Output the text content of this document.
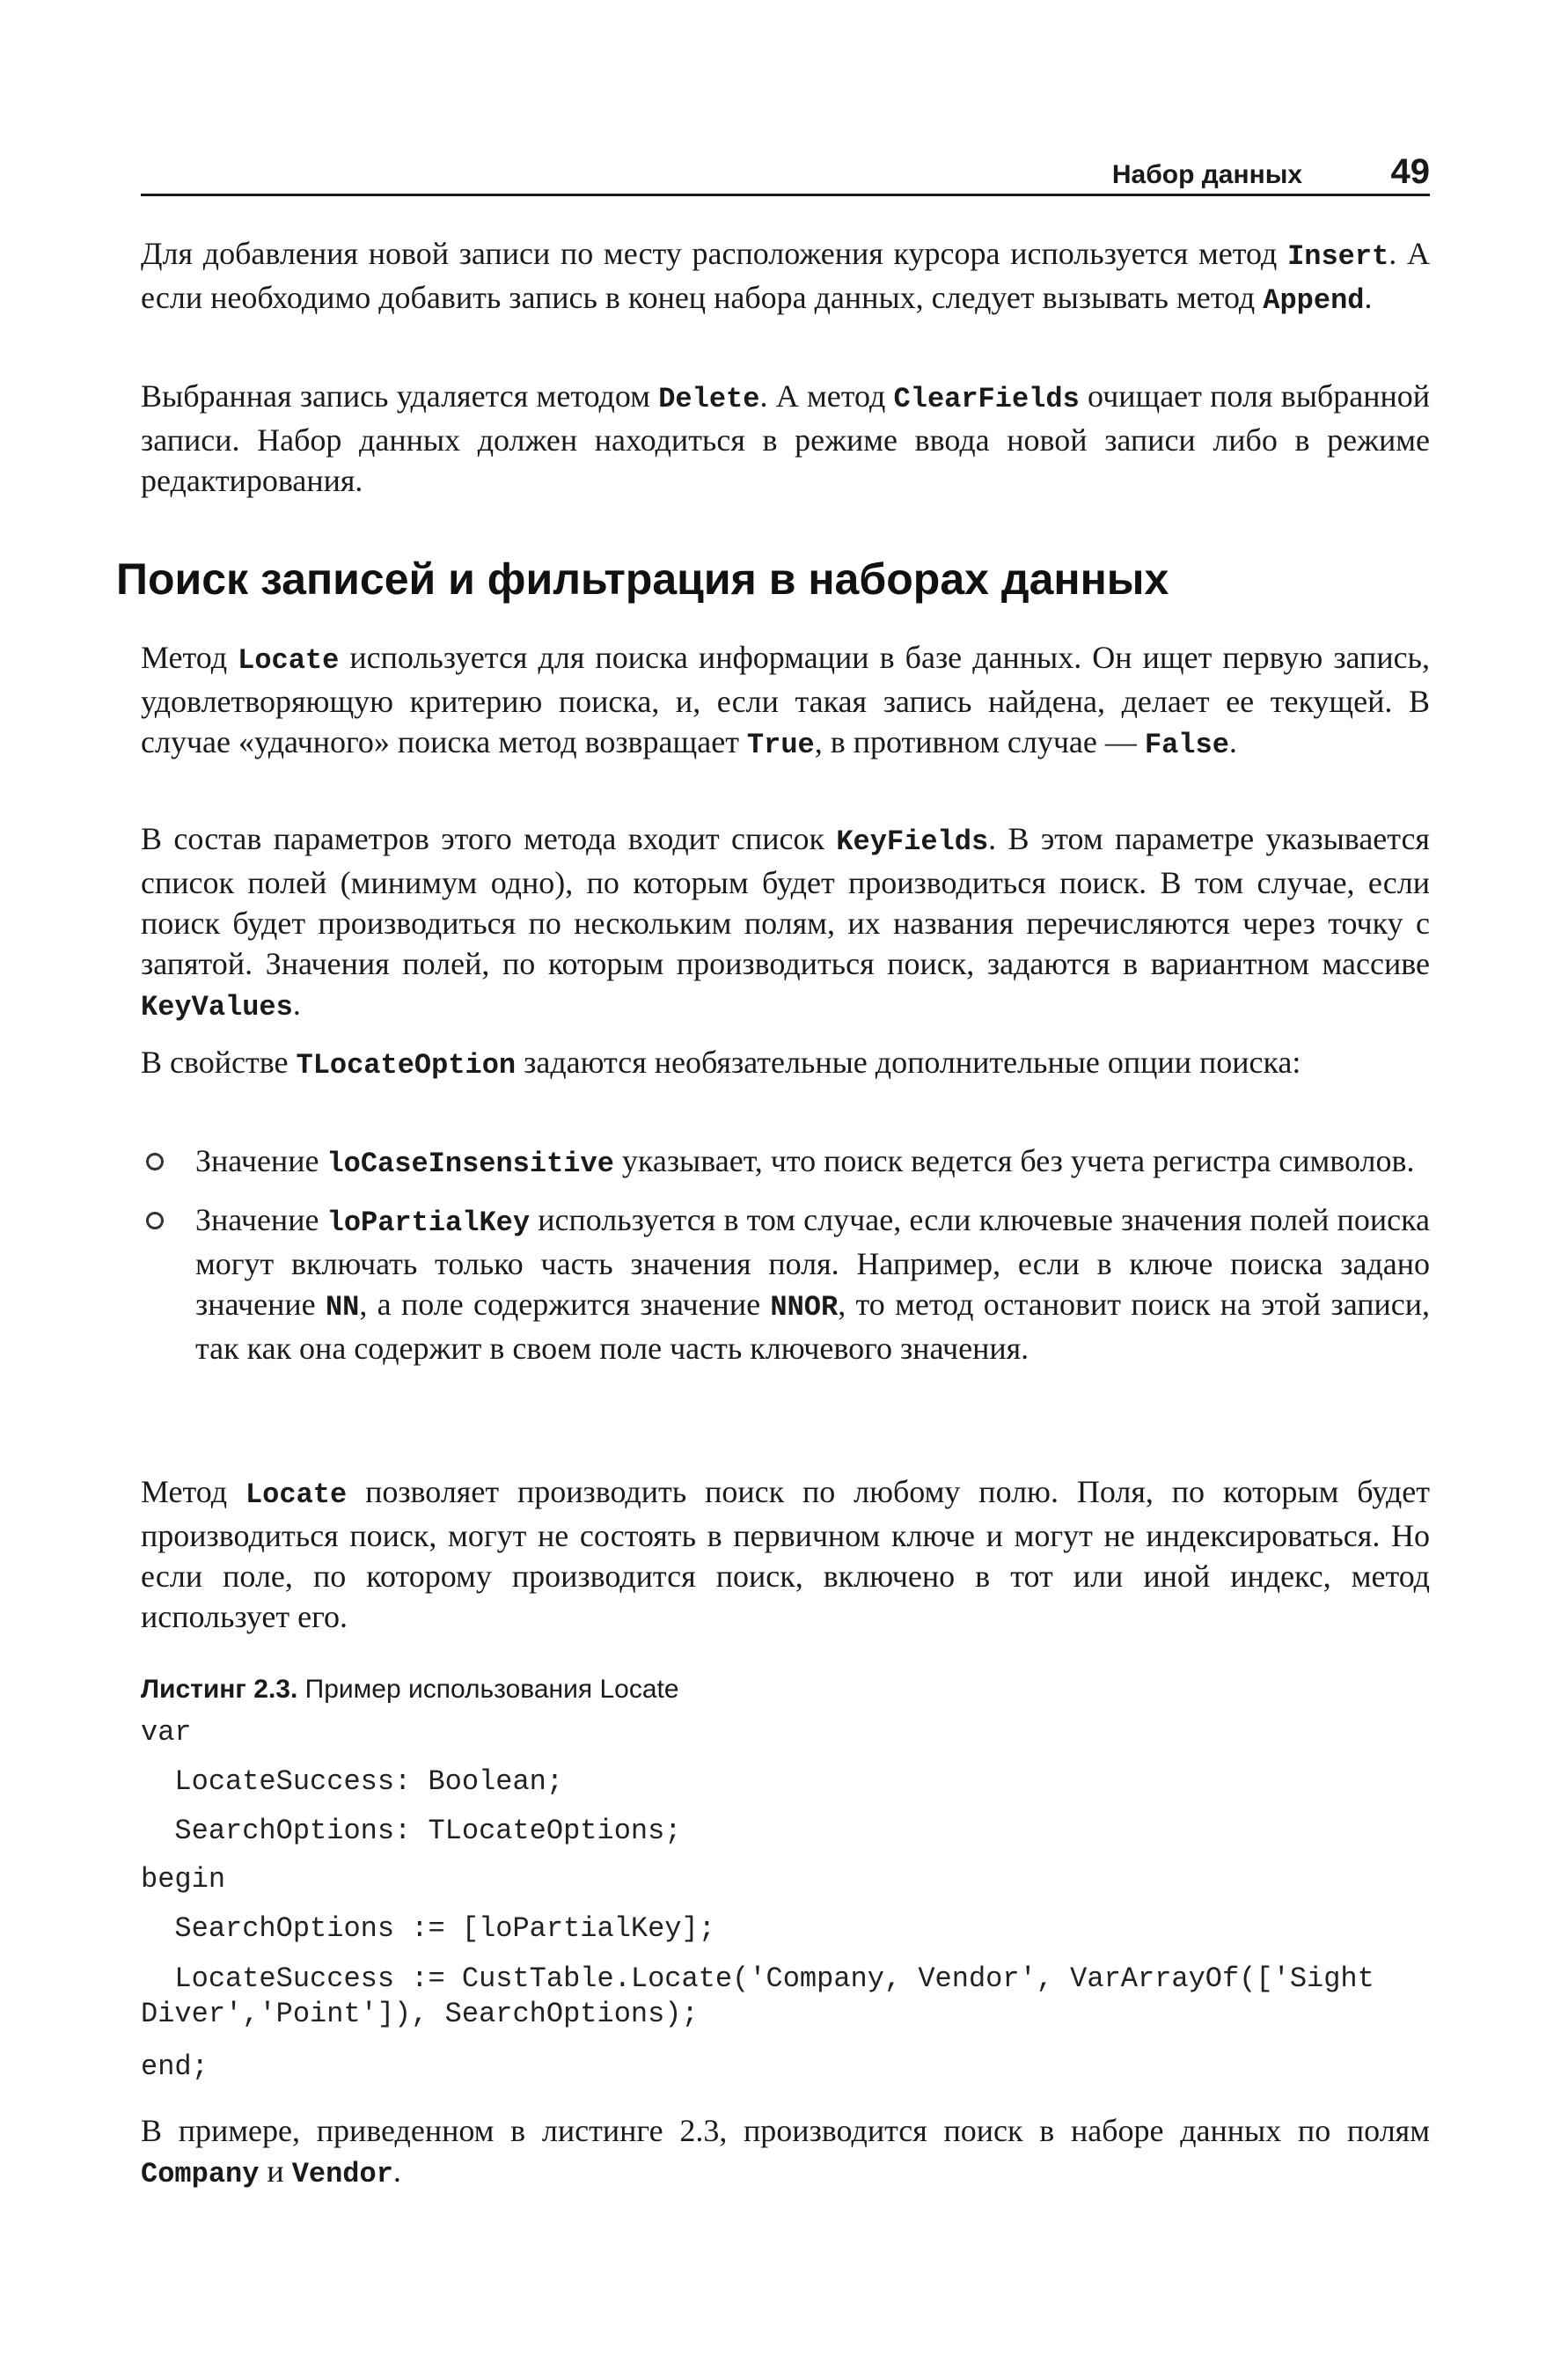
Набор данных	49

Для добавления новой записи по месту расположения курсора используется метод Insert. А если необходимо добавить запись в конец набора данных, следует вызывать метод Append.

Выбранная запись удаляется методом Delete. А метод ClearFields очищает поля выбранной записи. Набор данных должен находиться в режиме ввода новой записи либо в режиме редактирования.

Поиск записей и фильтрация в наборах данных

Метод Locate используется для поиска информации в базе данных. Он ищет первую запись, удовлетворяющую критерию поиска, и, если такая запись найдена, делает ее текущей. В случае «удачного» поиска метод возвращает True, в противном случае — False.

В состав параметров этого метода входит список KeyFields. В этом параметре указывается список полей (минимум одно), по которым будет производиться поиск. В том случае, если поиск будет производиться по нескольким полям, их названия перечисляются через точку с запятой. Значения полей, по которым производиться поиск, задаются в вариантном массиве KeyValues.

В свойстве TLocateOption задаются необязательные дополнительные опции поиска:

Значение loCaseInsensitive указывает, что поиск ведется без учета регистра символов.
Значение loPartialKey используется в том случае, если ключевые значения полей поиска могут включать только часть значения поля. Например, если в ключе поиска задано значение NN, а поле содержится значение NNOR, то метод остановит поиск на этой записи, так как она содержит в своем поле часть ключевого значения.

Метод Locate позволяет производить поиск по любому полю. Поля, по которым будет производиться поиск, могут не состоять в первичном ключе и могут не индексироваться. Но если поле, по которому производится поиск, включено в тот или иной индекс, метод использует его.

Листинг 2.3. Пример использования Locate

var
LocateSuccess: Boolean;
SearchOptions: TLocateOptions;
begin
SearchOptions := [loPartialKey];
LocateSuccess := CustTable.Locate('Company, Vendor', VarArrayOf(['Sight
Diver','Point']), SearchOptions);
end;

В примере, приведенном в листинге 2.3, производится поиск в наборе данных по полям Company и Vendor.
